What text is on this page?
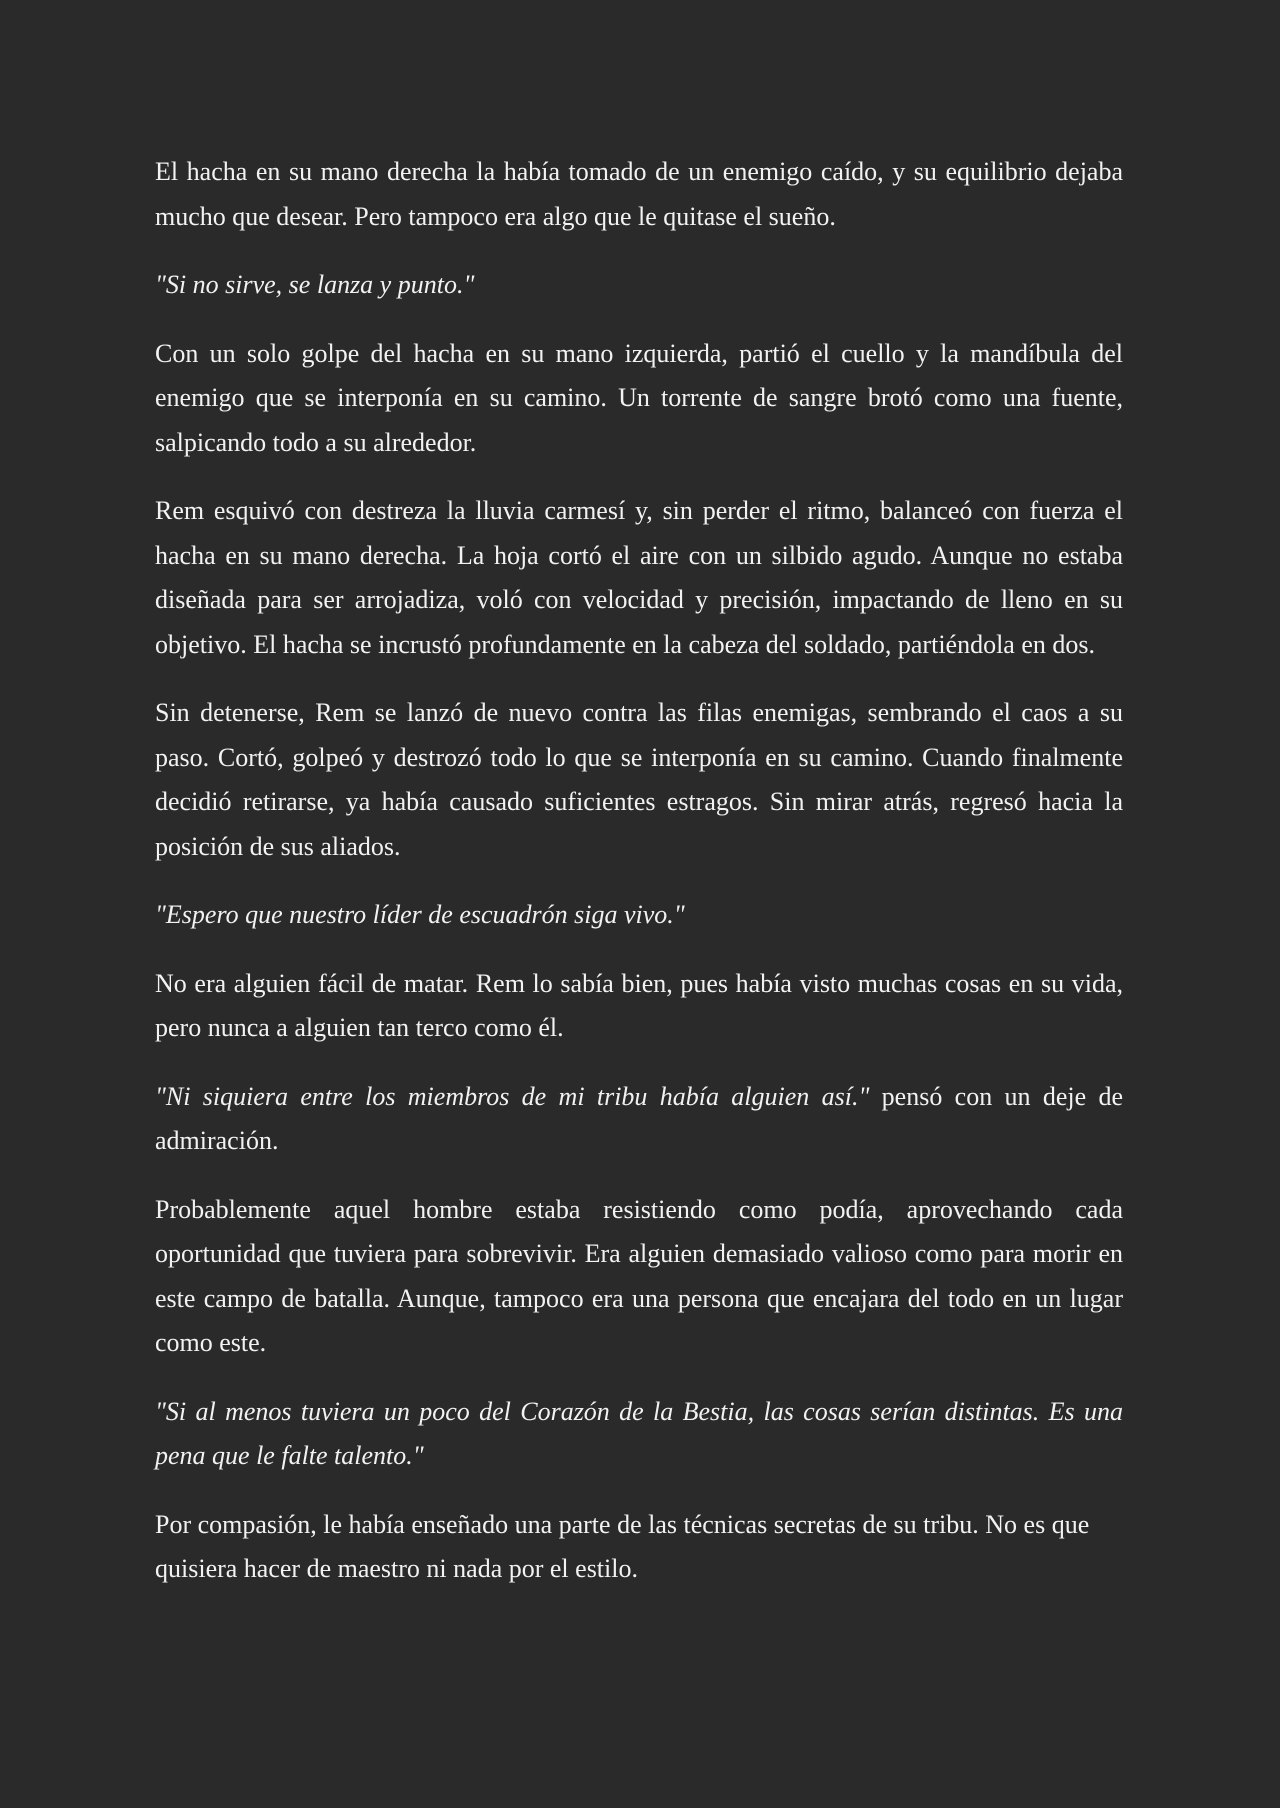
El hacha en su mano derecha la había tomado de un enemigo caído, y su equilibrio dejaba mucho que desear. Pero tampoco era algo que le quitase el sueño.

"Si no sirve, se lanza y punto."

Con un solo golpe del hacha en su mano izquierda, partió el cuello y la mandíbula del enemigo que se interponía en su camino. Un torrente de sangre brotó como una fuente, salpicando todo a su alrededor.

Rem esquivó con destreza la lluvia carmesí y, sin perder el ritmo, balanceó con fuerza el hacha en su mano derecha. La hoja cortó el aire con un silbido agudo. Aunque no estaba diseñada para ser arrojadiza, voló con velocidad y precisión, impactando de lleno en su objetivo. El hacha se incrustó profundamente en la cabeza del soldado, partiéndola en dos.

Sin detenerse, Rem se lanzó de nuevo contra las filas enemigas, sembrando el caos a su paso. Cortó, golpeó y destrozó todo lo que se interponía en su camino. Cuando finalmente decidió retirarse, ya había causado suficientes estragos. Sin mirar atrás, regresó hacia la posición de sus aliados.

"Espero que nuestro líder de escuadrón siga vivo."

No era alguien fácil de matar. Rem lo sabía bien, pues había visto muchas cosas en su vida, pero nunca a alguien tan terco como él.

"Ni siquiera entre los miembros de mi tribu había alguien así." pensó con un deje de admiración.

Probablemente aquel hombre estaba resistiendo como podía, aprovechando cada oportunidad que tuviera para sobrevivir. Era alguien demasiado valioso como para morir en este campo de batalla. Aunque, tampoco era una persona que encajara del todo en un lugar como este.

"Si al menos tuviera un poco del Corazón de la Bestia, las cosas serían distintas. Es una pena que le falte talento."

Por compasión, le había enseñado una parte de las técnicas secretas de su tribu. No es que quisiera hacer de maestro ni nada por el estilo.
